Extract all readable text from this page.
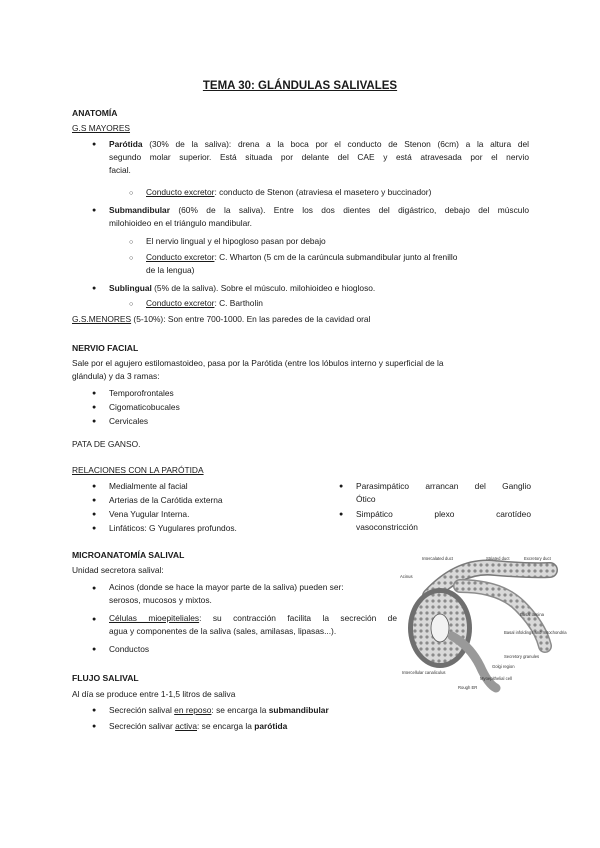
TEMA 30: GLÁNDULAS SALIVALES
ANATOMÍA
G.S MAYORES
● Parótida (30% de la saliva): drena a la boca por el conducto de Stenon (6cm) a la altura del
segundo molar superior. Está situada por delante del CAE y está atravesada por el nervio
facial.
○ Conducto excretor: conducto de Stenon (atraviesa el masetero y buccinador)
● Submandibular (60% de la saliva). Entre los dos dientes del digástrico, debajo del músculo
milohioideo en el triángulo mandibular.
○ El nervio lingual y el hipogloso pasan por debajo
○ Conducto excretor: C. Wharton (5 cm de la carúncula submandibular junto al frenillo
de la lengua)
● Sublingual (5% de la saliva). Sobre el músculo. milohioideo e hiogloso.
○ Conducto excretor: C. Bartholin
G.S.MENORES (5-10%): Son entre 700-1000. En las paredes de la cavidad oral
NERVIO FACIAL
Sale por el agujero estilomastoideo, pasa por la Parótida (entre los lóbulos interno y superficial de la
glándula) y da 3 ramas:
● Temporofrontales
● Cigomaticobucales
● Cervicales
PATA DE GANSO.
RELACIONES CON LA PARÓTIDA
● Medialmente al facial
● Arterias de la Carótida externa
● Vena Yugular Interna.
● Linfáticos: G Yugulares profundos.
● Parasimpático arrancan del Ganglio
Ótico
● Simpático plexo carotídeo
vasoconstricción
MICROANATOMÍA SALIVAL
Unidad secretora salival:
● Acinos (donde se hace la mayor parte de la saliva) pueden ser:
serosos, mucosos y mixtos.
● Células mioepiteliales: su contracción facilita la secreción de
agua y componentes de la saliva (sales, amilasas, lipasas...).
● Conductos
FLUJO SALIVAL
Al día se produce entre 1-1,5 litros de saliva
● Secreción salival en reposo: se encarga la submandibular
● Secreción salivar activa: se encarga la parótida
Intercalated duct	Striated duct	Excretory duct
Acinus
Basal lamina
Basal infoldings and mitochondria
Secretory granules
Golgi region
Myoepithelial cell
Intercellular canaliculus
Rough ER
